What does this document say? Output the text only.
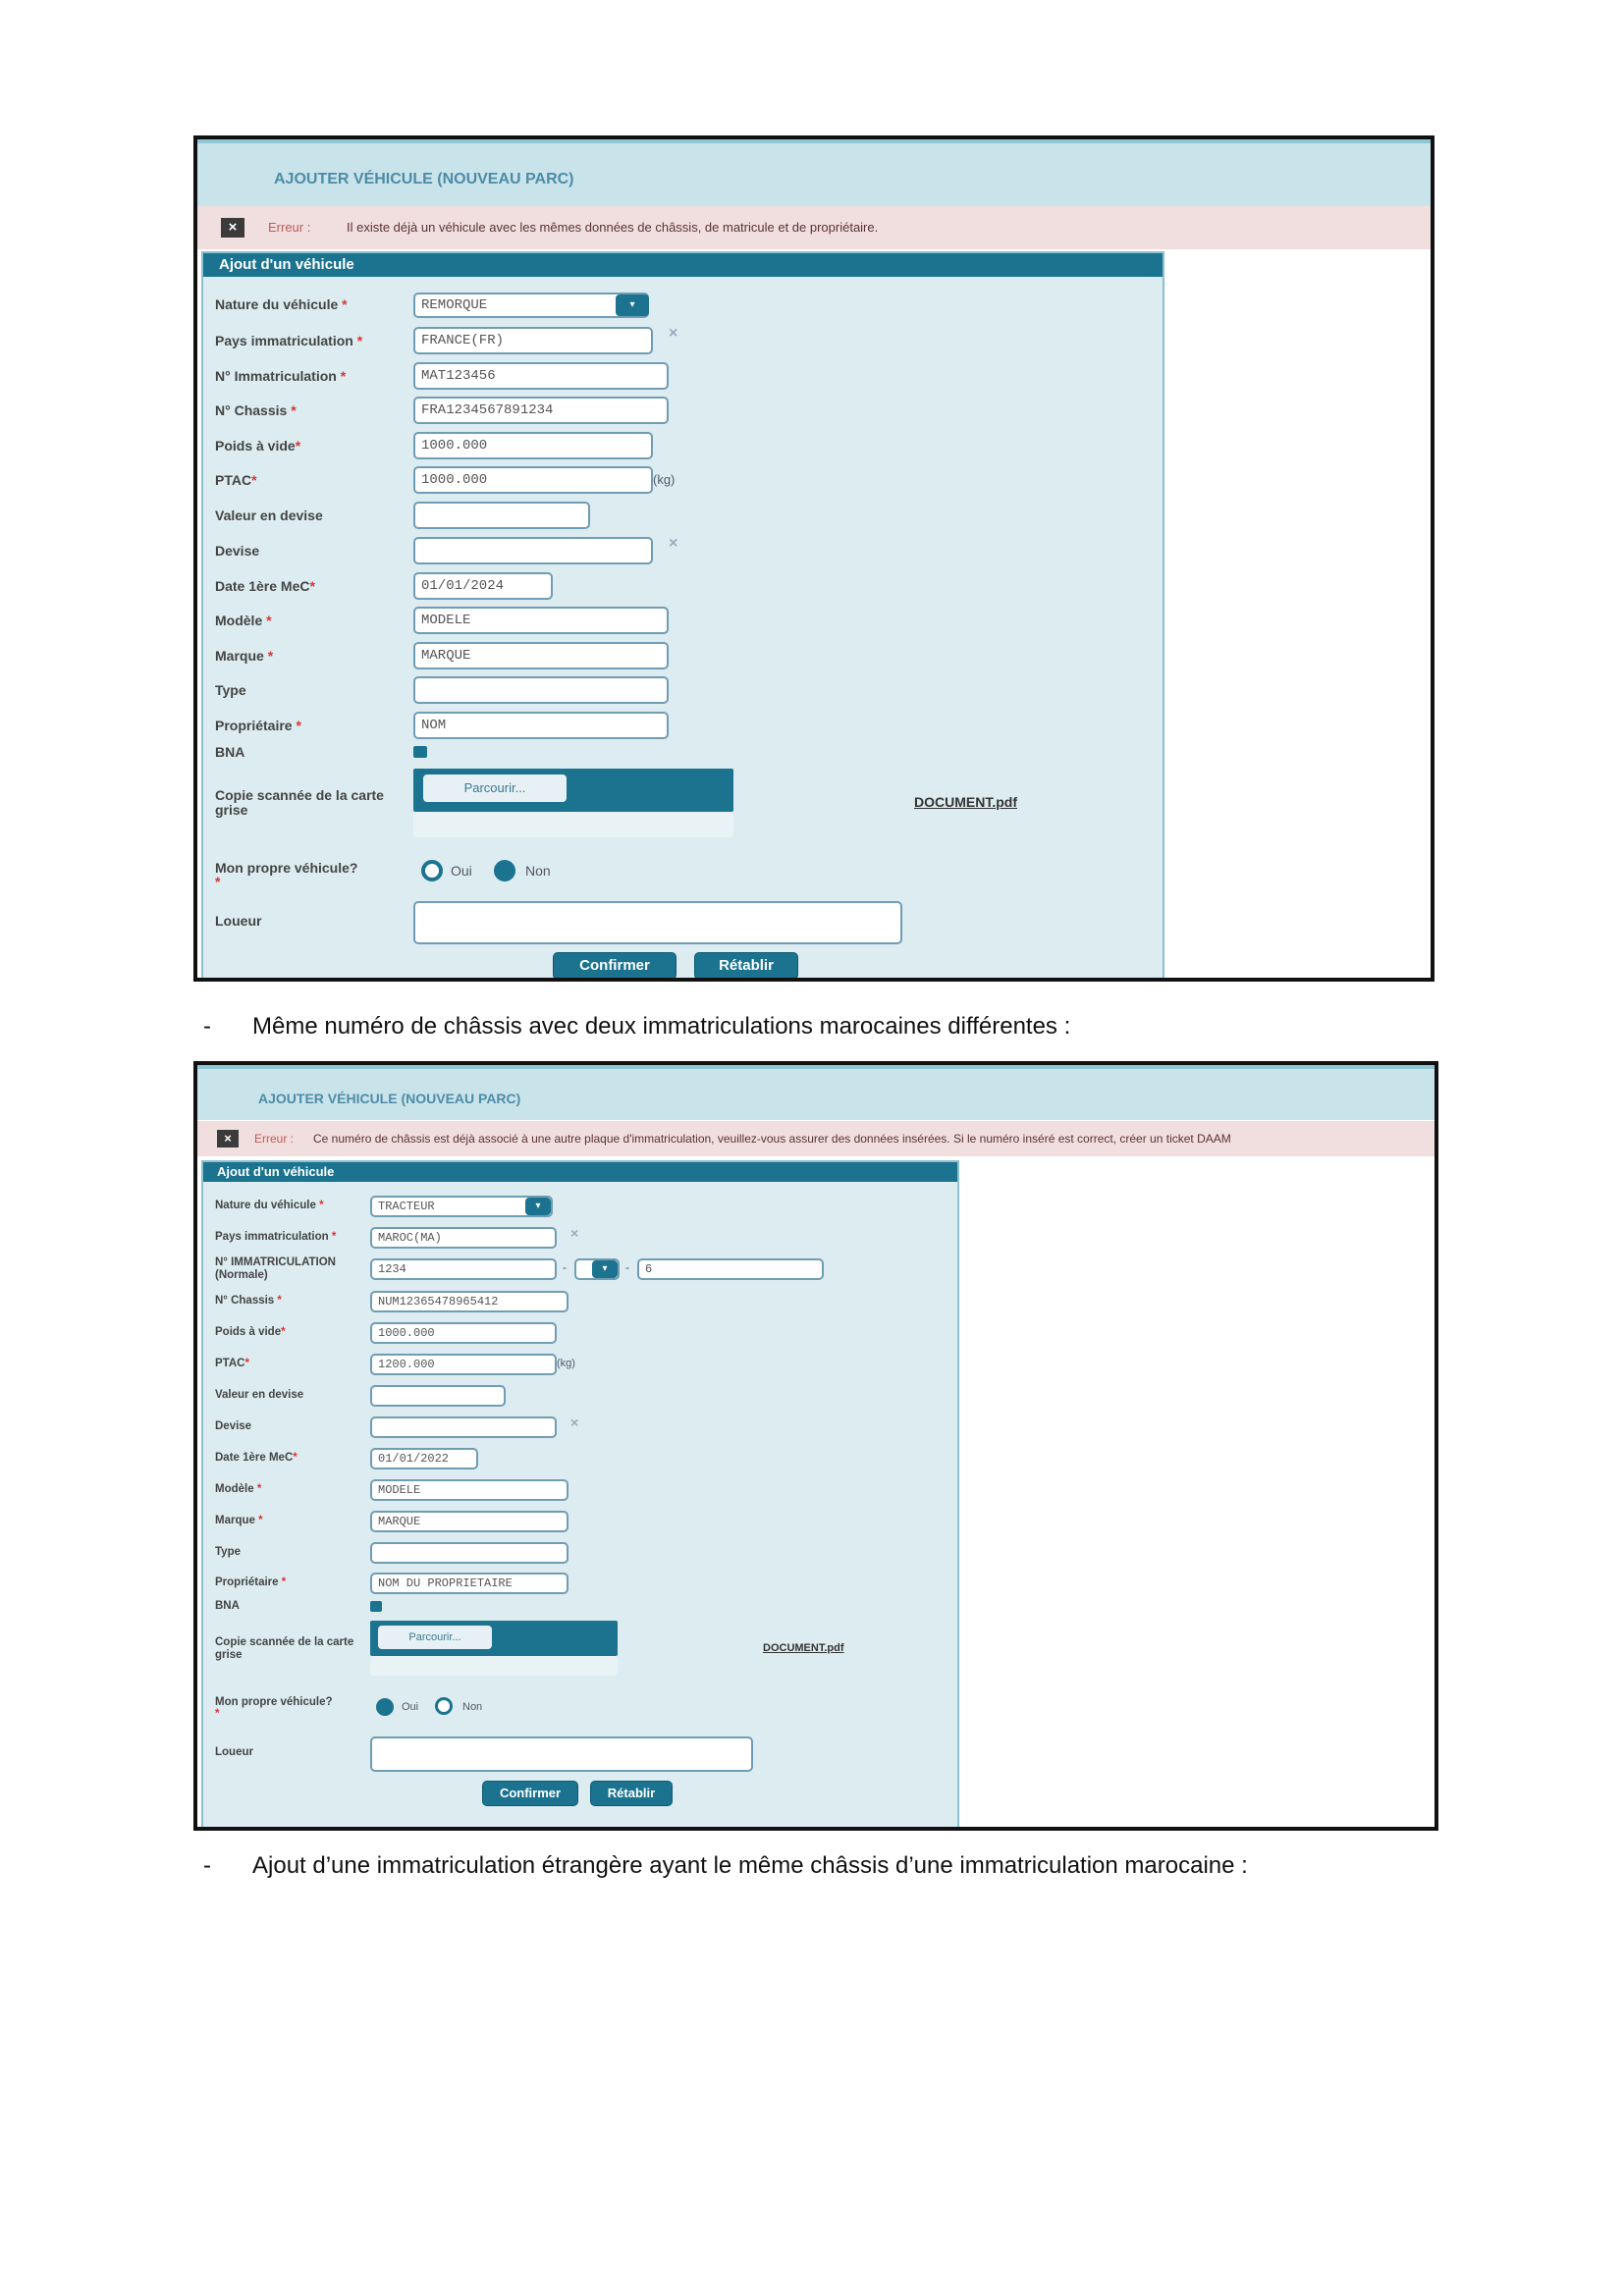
AJOUTER VÉHICULE (NOUVEAU PARC)
×	Erreur :	Il existe déjà un véhicule avec les mêmes données de châssis, de matricule et de propriétaire.
Ajout d'un véhicule
Nature du véhicule *	REMORQUE	▾
Pays immatriculation *	FRANCE(FR)	×
N° Immatriculation *	MAT123456
N° Chassis *	FRA1234567891234
Poids à vide*	1000.000
PTAC*	1000.000	(kg)
Valeur en devise
Devise	×
Date 1ère MeC*	01/01/2024
Modèle *	MODELE
Marque *	MARQUE
Type
Propriétaire *	NOM
BNA
Copie scannée de la carte grise
Parcourir...
DOCUMENT.pdf
Mon propre véhicule?
*
Oui	Non
Loueur
Confirmer	Rétablir
- Même numéro de châssis avec deux immatriculations marocaines différentes :
AJOUTER VÉHICULE (NOUVEAU PARC)
×	Erreur : Ce numéro de châssis est déjà associé à une autre plaque d'immatriculation, veuillez-vous assurer des données insérées. Si le numéro inséré est correct, créer un ticket DAAM
Ajout d'un véhicule
Nature du véhicule *	TRACTEUR	▾
Pays immatriculation *	MAROC(MA)	×
N° IMMATRICULATION (Normale)	1234	-	▾	-	6
N° Chassis *	NUM12365478965412
Poids à vide*	1000.000
PTAC*	1200.000	(kg)
Valeur en devise
Devise	×
Date 1ère MeC*	01/01/2022
Modèle *	MODELE
Marque *	MARQUE
Type
Propriétaire *	NOM DU PROPRIETAIRE
BNA
Copie scannée de la carte grise
Parcourir...
DOCUMENT.pdf
Mon propre véhicule?
*
Oui	Non
Loueur
Confirmer	Rétablir
- Ajout d’une immatriculation étrangère ayant le même châssis d’une immatriculation marocaine :
